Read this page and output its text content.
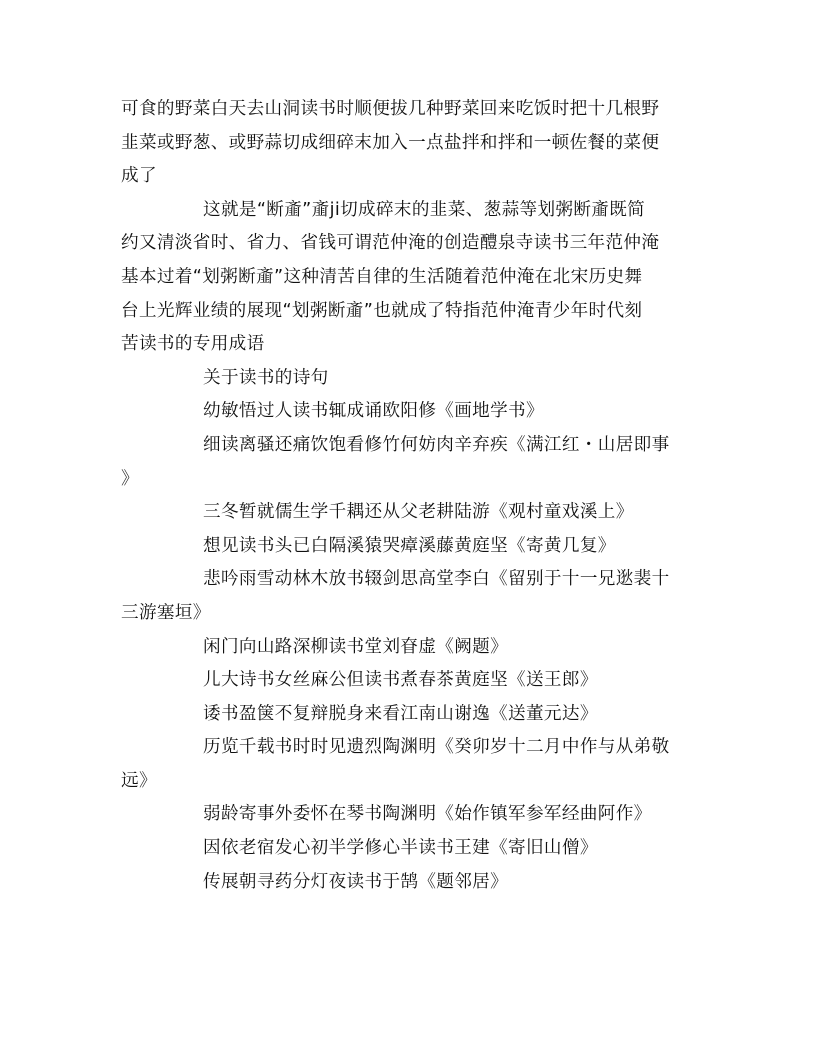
可食的野菜白天去山洞读书时顺便拔几种野菜回来吃饭时把十几根野
韭菜或野葱、或野蒜切成细碎末加入一点盐拌和拌和一顿佐餐的菜便
成了
这就是“断齑”齑ji切成碎末的韭菜、葱蒜等划粥断齑既简
约又清淡省时、省力、省钱可谓范仲淹的创造醴泉寺读书三年范仲淹
基本过着“划粥断齑”这种清苦自律的生活随着范仲淹在北宋历史舞
台上光辉业绩的展现“划粥断齑”也就成了特指范仲淹青少年时代刻
苦读书的专用成语
关于读书的诗句
幼敏悟过人读书辄成诵欧阳修《画地学书》
细读离骚还痛饮饱看修竹何妨肉辛弃疾《满江红・山居即事
》
三冬暂就儒生学千耦还从父老耕陆游《观村童戏溪上》
想见读书头已白隔溪猿哭瘴溪藤黄庭坚《寄黄几复》
悲吟雨雪动林木放书辍剑思高堂李白《留别于十一兄逖裴十
三游塞垣》
闲门向山路深柳读书堂刘眘虚《阙题》
儿大诗书女丝麻公但读书煮春茶黄庭坚《送王郎》
诿书盈箧不复辩脱身来看江南山谢逸《送董元达》
历览千载书时时见遗烈陶渊明《癸卯岁十二月中作与从弟敬
远》
弱龄寄事外委怀在琴书陶渊明《始作镇军参军经曲阿作》
因依老宿发心初半学修心半读书王建《寄旧山僧》
传展朝寻药分灯夜读书于鹄《题邻居》
